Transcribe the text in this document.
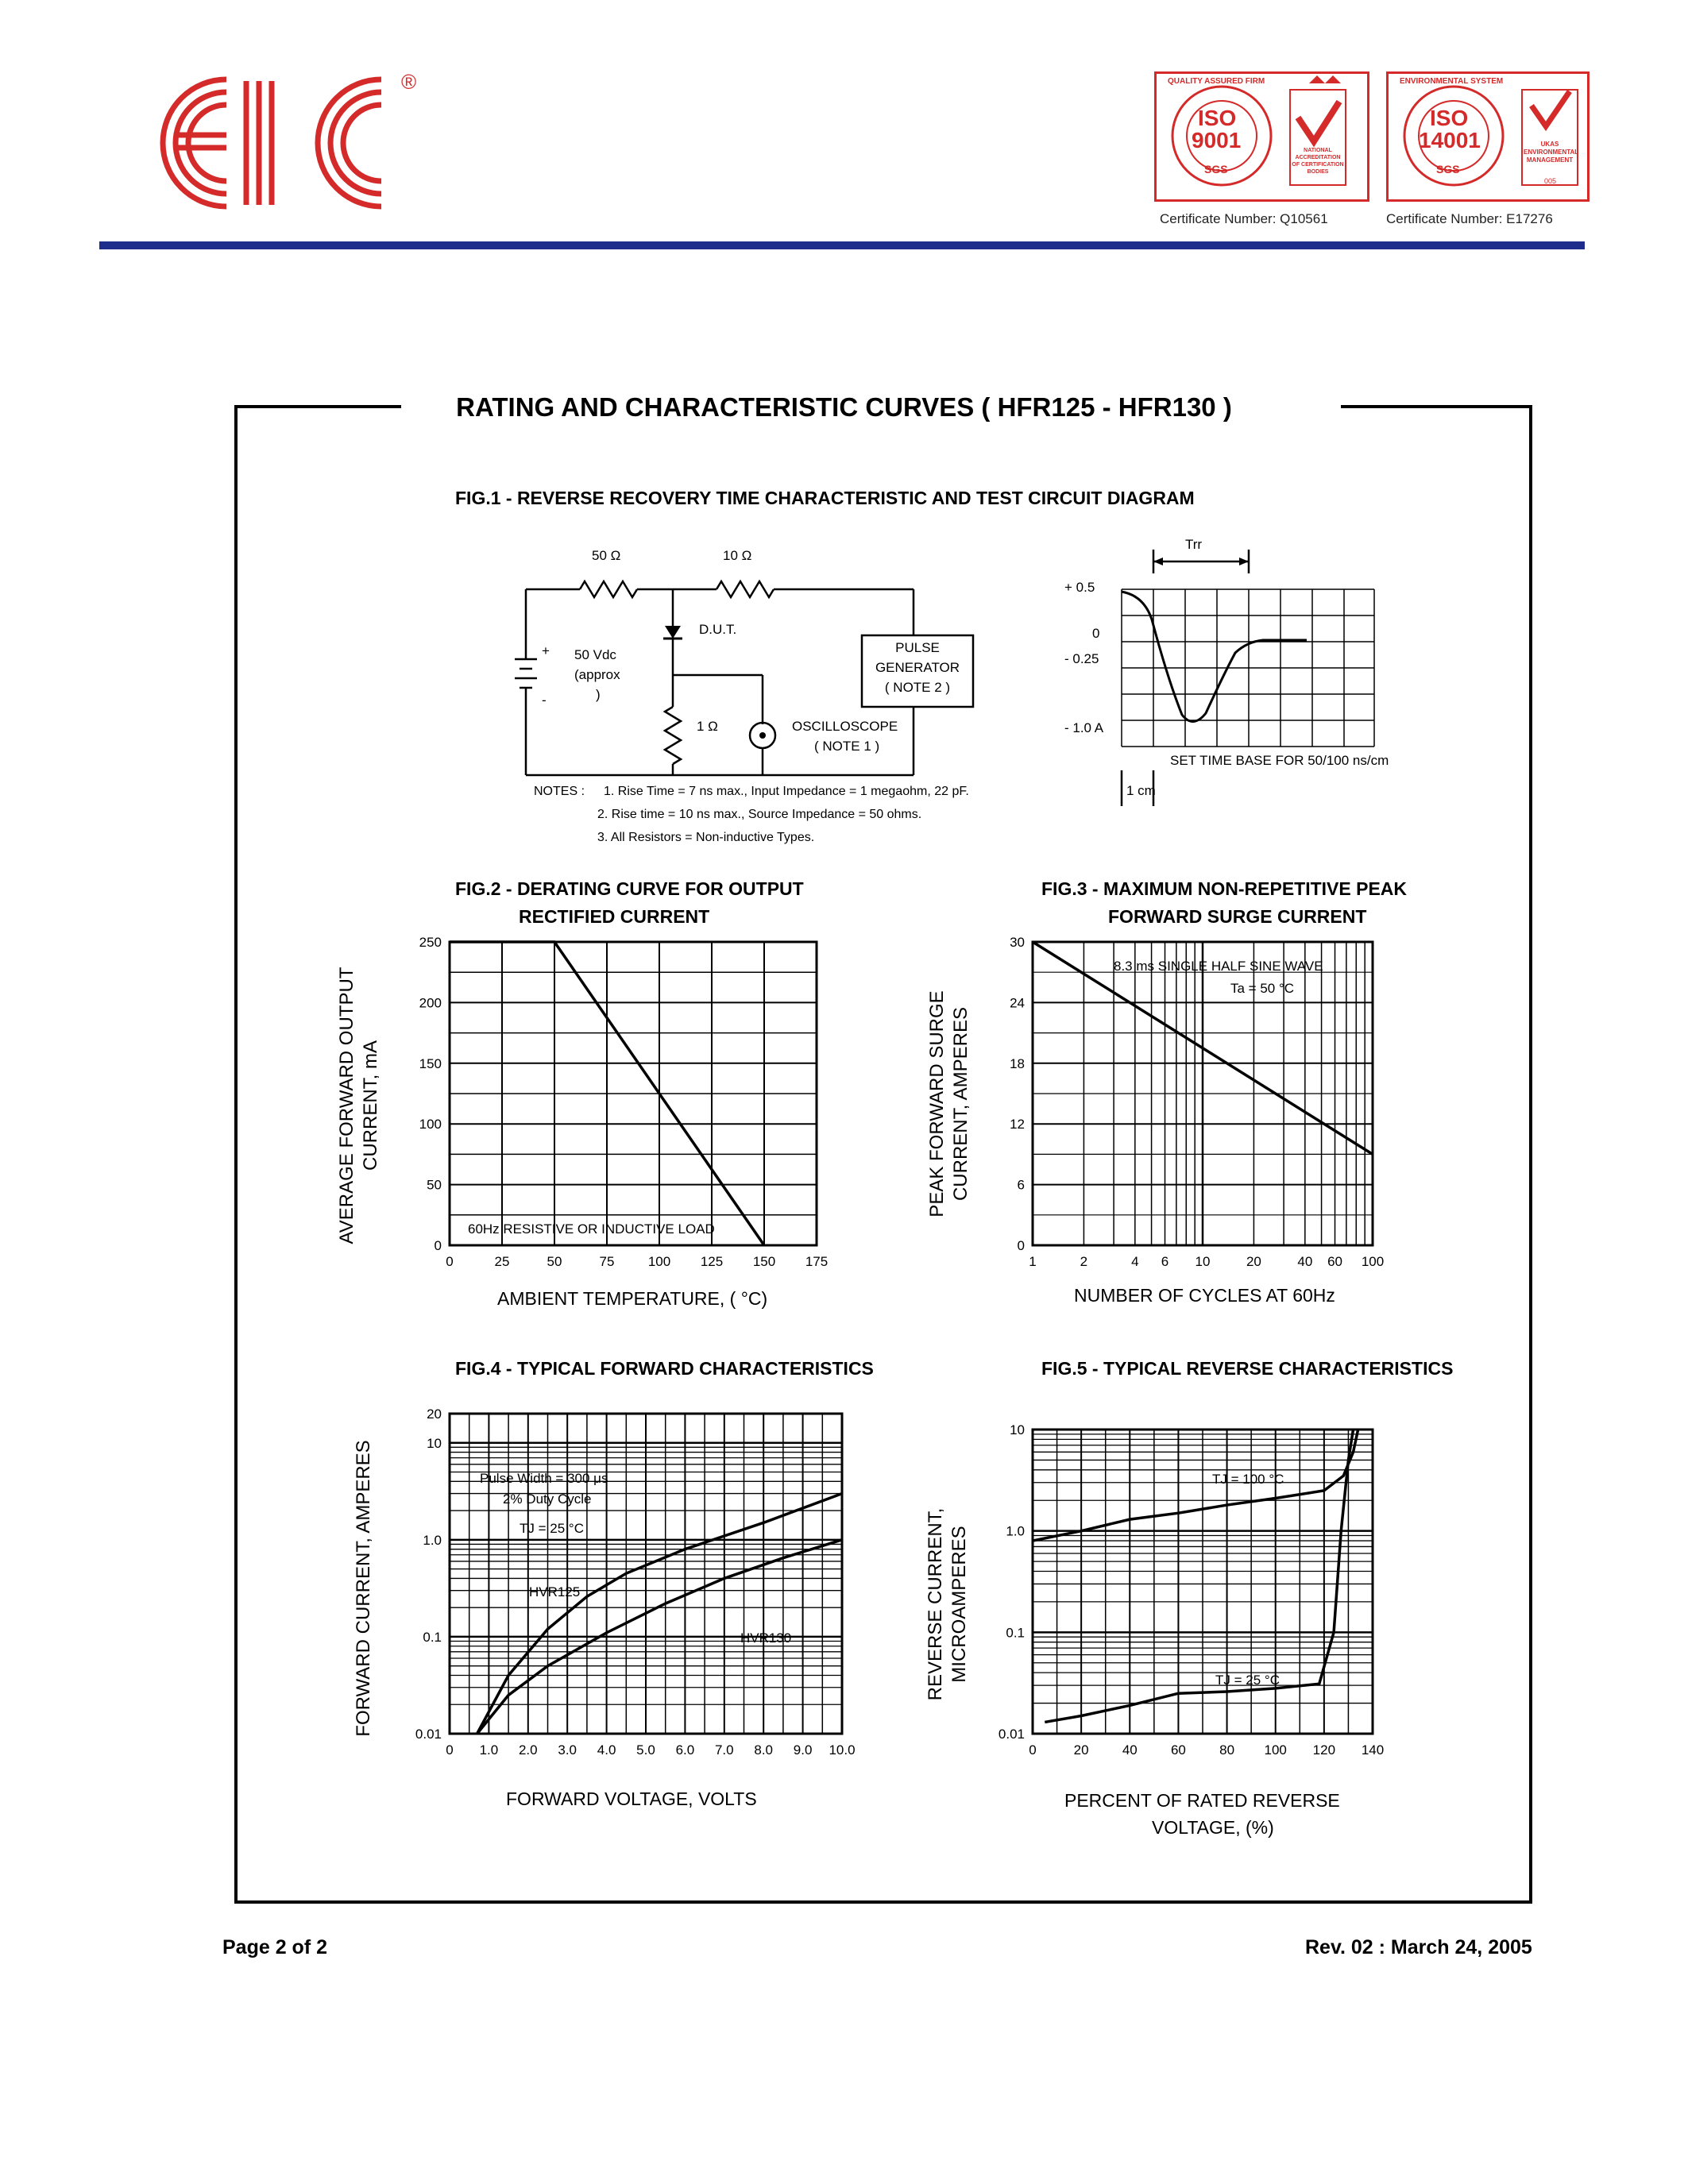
®
ISO
9001
SGS
QUALITY ASSURED FIRM
NATIONAL ACCREDITATION OF CERTIFICATION BODIES
Certificate Number: Q10561
ISO
14001
SGS
ENVIRONMENTAL SYSTEM
UKAS ENVIRONMENTAL MANAGEMENT
005
Certificate Number: E17276
RATING AND CHARACTERISTIC CURVES ( HFR125 - HFR130 )
FIG.1 - REVERSE RECOVERY TIME CHARACTERISTIC AND TEST CIRCUIT DIAGRAM
50 Ω	10 Ω
D.U.T.
+
-
50 Vdc
(approx
)
1 Ω
PULSE
GENERATOR
( NOTE 2 )
OSCILLOSCOPE
( NOTE 1 )
NOTES : 1. Rise Time = 7 ns max., Input Impedance = 1 megaohm, 22 pF.
2. Rise time = 10 ns max., Source Impedance = 50 ohms.
3. All Resistors = Non-inductive Types.
Trr
+ 0.5
0
- 0.25
- 1.0 A
SET TIME BASE FOR 50/100 ns/cm
1 cm
FIG.2 - DERATING CURVE FOR OUTPUT
RECTIFIED CURRENT
AVERAGE FORWARD OUTPUT CURRENT, mA
AMBIENT TEMPERATURE, ( °C)
60Hz RESISTIVE OR INDUCTIVE LOAD
0	25	50	75 100 125 150 175
0
50
100
150
200
250
FIG.3 - MAXIMUM NON-REPETITIVE PEAK
FORWARD SURGE CURRENT
PEAK FORWARD SURGE CURRENT, AMPERES
NUMBER OF CYCLES AT 60Hz
8.3 ms SINGLE HALF SINE WAVE
Ta = 50 °C
1	2	4 6 10	20	40 60 100
0
6
12
18
24
30
FIG.4 - TYPICAL FORWARD CHARACTERISTICS
FORWARD CURRENT, AMPERES
FORWARD VOLTAGE, VOLTS
Pulse Width = 300 μs
2% Duty Cycle
TJ = 25 °C
HVR125
HVR130
0 1.0 2.0 3.0 4.0 5.0 6.0 7.0 8.0 9.0 10.0
0.01
0.1
1.0
10
20
FIG.5 - TYPICAL REVERSE CHARACTERISTICS
REVERSE CURRENT, MICROAMPERES
PERCENT OF RATED REVERSE
VOLTAGE, (%)
TJ = 100 °C
TJ = 25 °C
0	20 40 60 80 100 120 140
0.01
0.1
1.0
10
Page 2 of 2	Rev. 02 : March 24, 2005
